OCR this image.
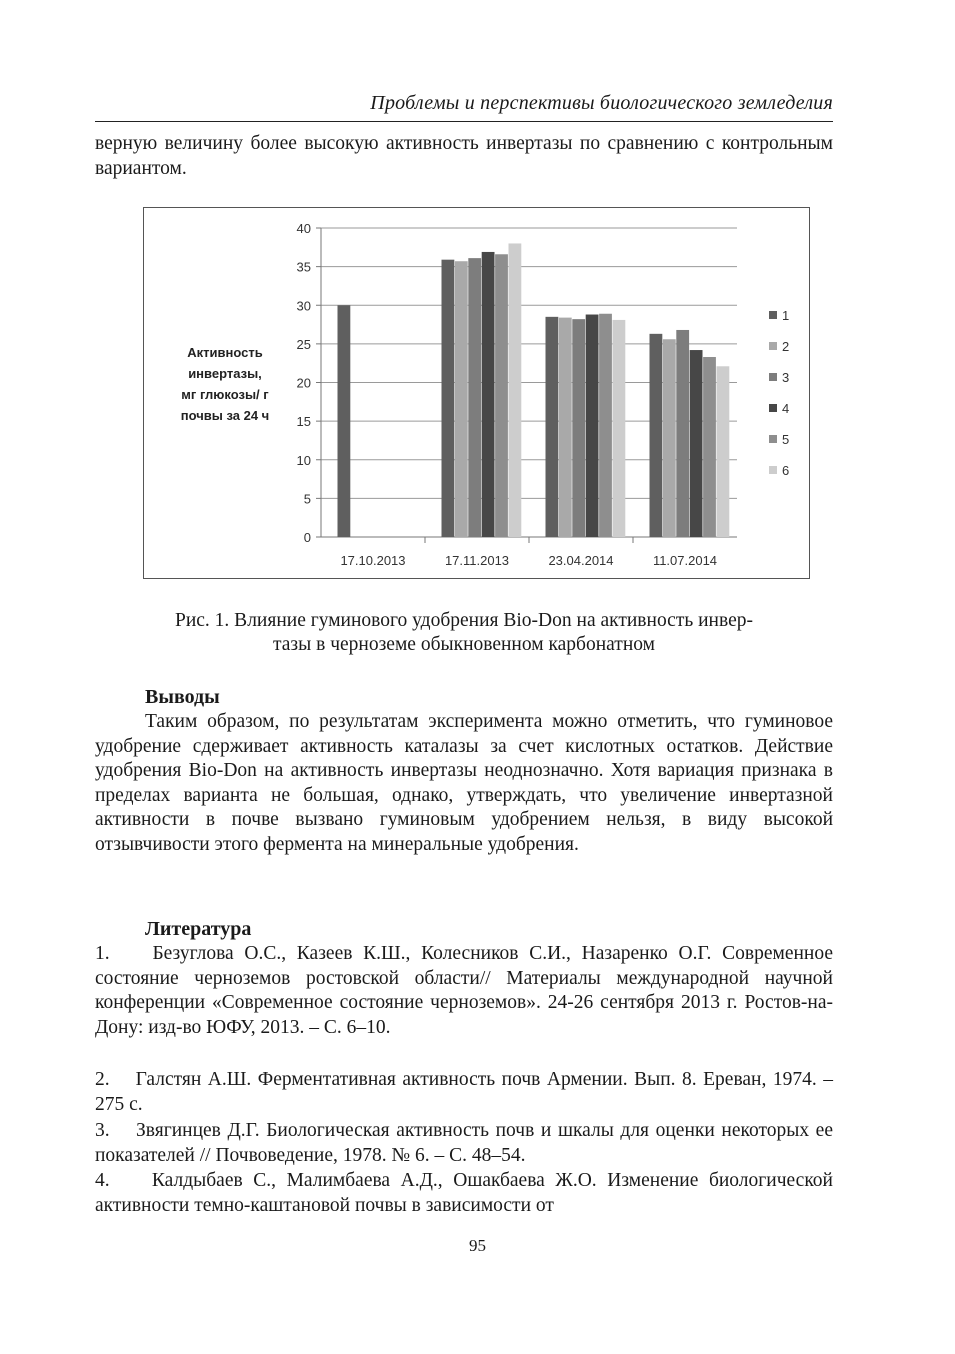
Проблемы и перспективы биологического земледелия
верную величину более высокую активность инвертазы по сравнению с контрольным вариантом.
0
5
10
15
20
25
30
35
40
17.10.2013	17.11.2013	23.04.2014	11.07.2014
Активность
инвертазы,
мг глюкозы/ г
почвы за 24 ч
1
2
3
4
5
6
Рис. 1. Влияние гуминового удобрения Bio-Don на активность инвер-
тазы в черноземе обыкновенном карбонатном
Выводы
Таким образом, по результатам эксперимента можно отметить, что гуминовое удобрение сдерживает активность каталазы за счет кислотных остатков. Действие удобрения Bio-Don на активность инвертазы неоднозначно. Хотя вариация признака в пределах варианта не большая, однако, утверждать, что увеличение инвертазной активности в почве вызвано гуминовым удобрением нельзя, в виду высокой отзывчивости этого фермента на минеральные удобрения.
Литература
1.    Безуглова О.С., Казеев К.Ш., Колесников С.И., Назаренко О.Г. Современное состояние черноземов ростовской области// Материалы международной научной конференции «Современное состояние черноземов». 24-26 сентября 2013 г. Ростов-на-Дону: изд-во ЮФУ, 2013. – С. 6–10.
2.    Галстян А.Ш. Ферментативная активность почв Армении. Вып. 8. Ереван, 1974. – 275 с.
3.    Звягинцев Д.Г. Биологическая активность почв и шкалы для оценки некоторых ее показателей // Почвоведение, 1978. № 6. – С. 48–54.
4.    Калдыбаев С., Малимбаева А.Д., Ошакбаева Ж.О. Изменение биологической активности темно-каштановой почвы в зависимости от
95
